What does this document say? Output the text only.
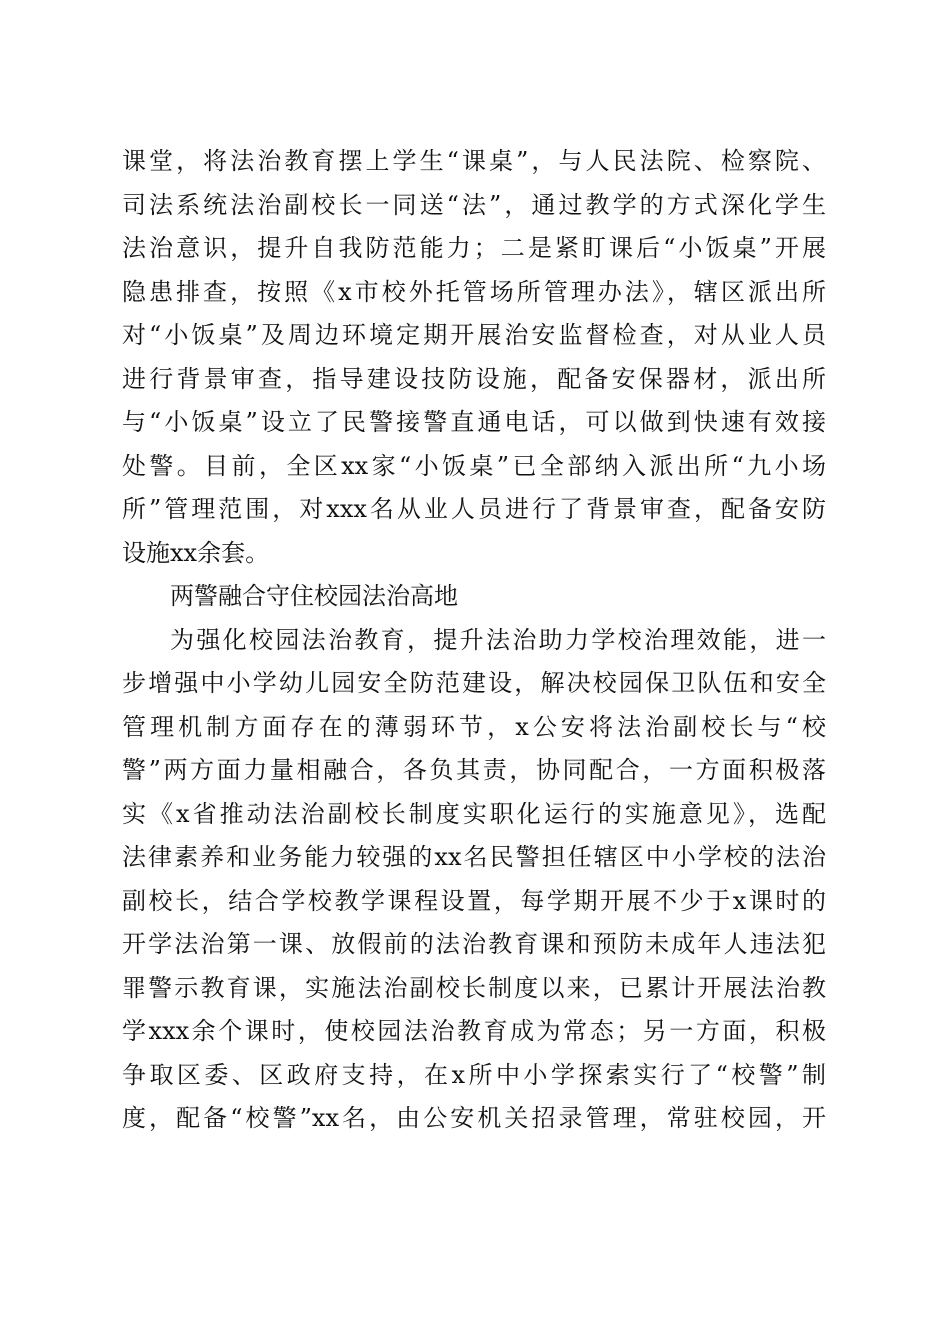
课堂，将法治教育摆上学生“课桌”，与人民法院、检察院、
司法系统法治副校长一同送“法”，通过教学的方式深化学生
法治意识，提升自我防范能力；二是紧盯课后“小饭桌”开展
隐患排查，按照《x市校外托管场所管理办法》，辖区派出所
对“小饭桌”及周边环境定期开展治安监督检查，对从业人员
进行背景审查，指导建设技防设施，配备安保器材，派出所
与“小饭桌”设立了民警接警直通电话，可以做到快速有效接
处警。目前，全区xx家“小饭桌”已全部纳入派出所“九小场
所”管理范围，对xxx名从业人员进行了背景审查，配备安防
设施xx余套。
两警融合守住校园法治高地
为强化校园法治教育，提升法治助力学校治理效能，进一
步增强中小学幼儿园安全防范建设，解决校园保卫队伍和安全
管理机制方面存在的薄弱环节，x公安将法治副校长与“校
警”两方面力量相融合，各负其责，协同配合，一方面积极落
实《x省推动法治副校长制度实职化运行的实施意见》，选配
法律素养和业务能力较强的xx名民警担任辖区中小学校的法治
副校长，结合学校教学课程设置，每学期开展不少于x课时的
开学法治第一课、放假前的法治教育课和预防未成年人违法犯
罪警示教育课，实施法治副校长制度以来，已累计开展法治教
学xxx余个课时，使校园法治教育成为常态；另一方面，积极
争取区委、区政府支持，在x所中小学探索实行了“校警”制
度，配备“校警”xx名，由公安机关招录管理，常驻校园，开
